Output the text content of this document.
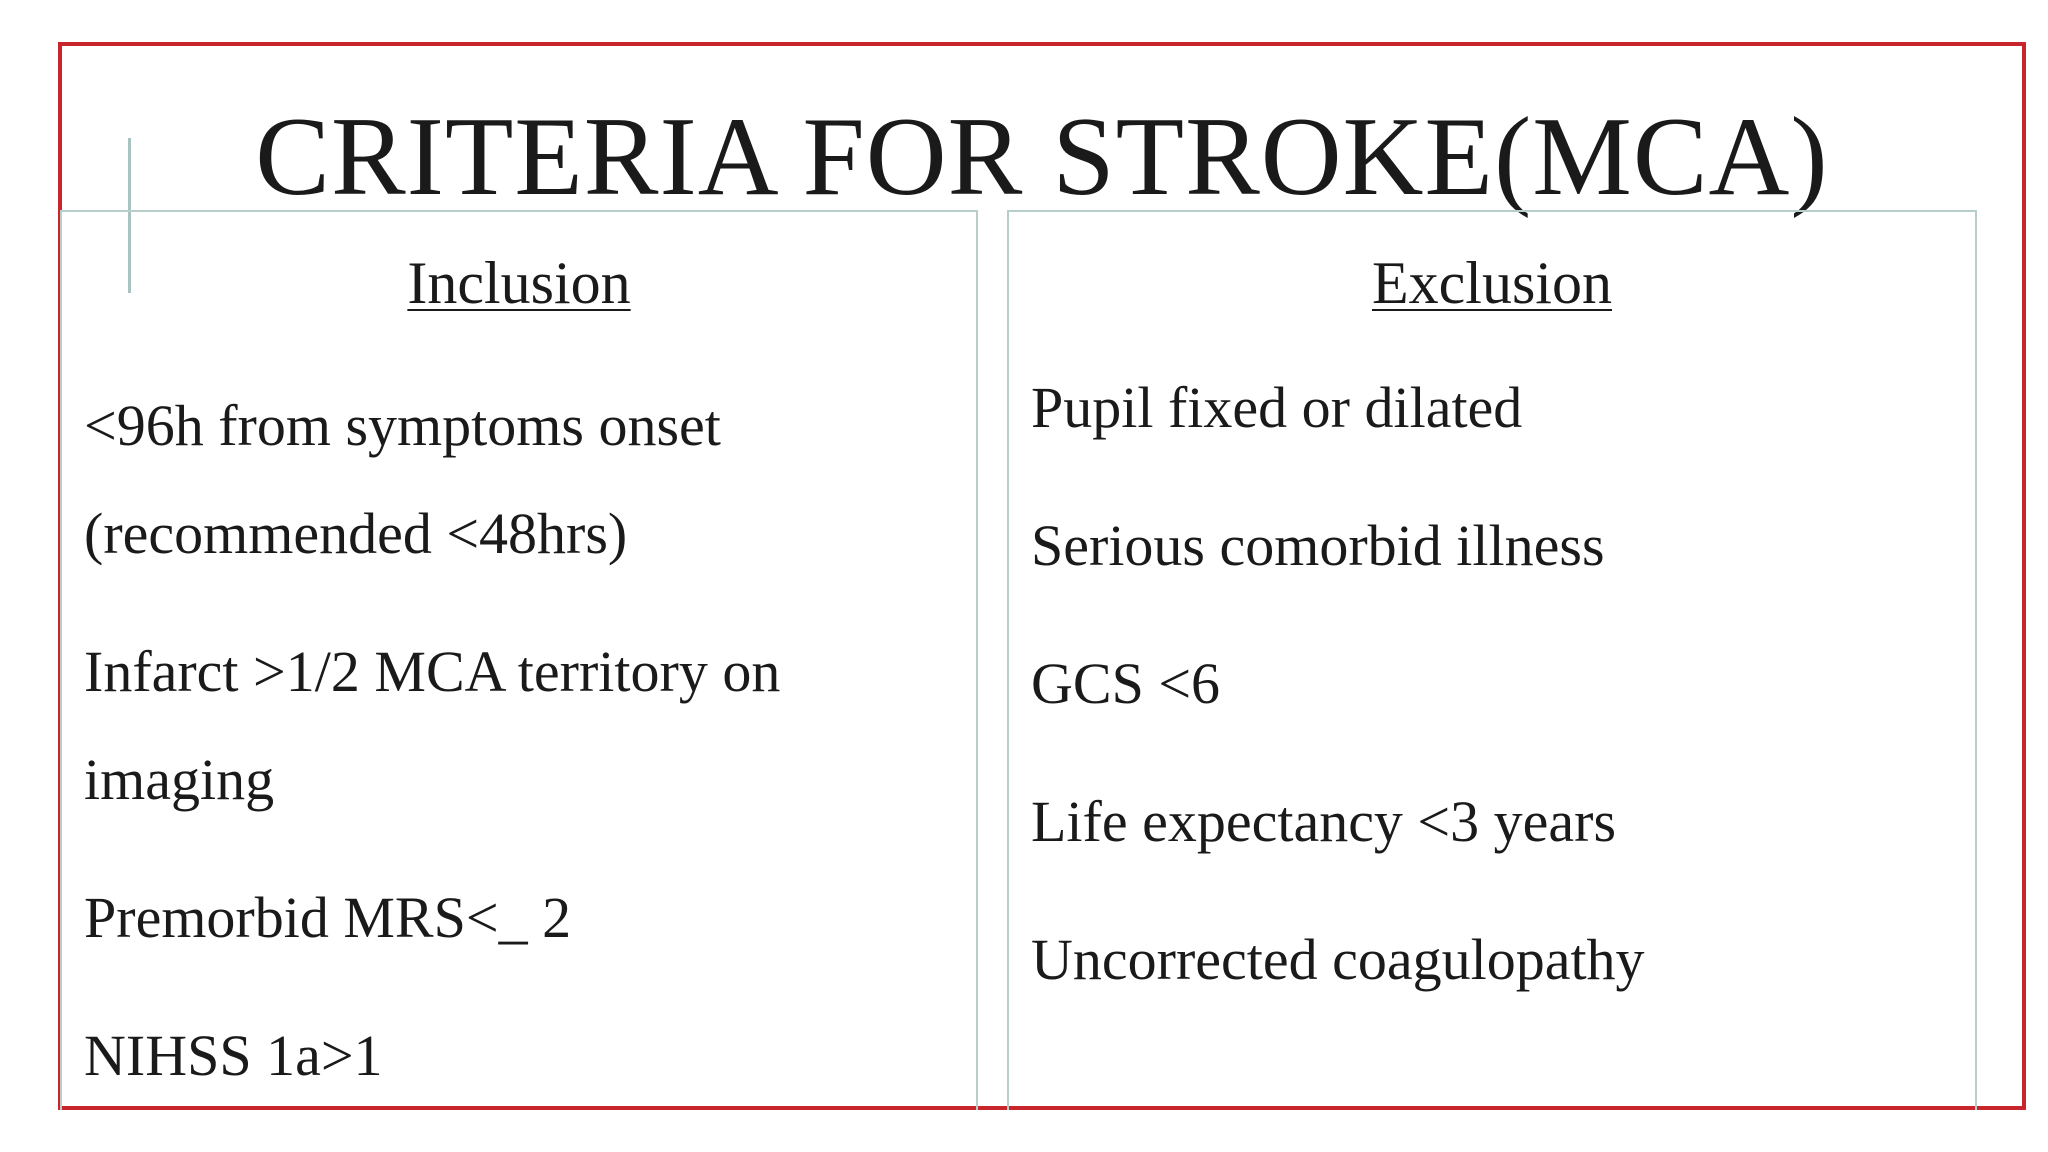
CRITERIA FOR STROKE(MCA)
Inclusion
<96h from symptoms onset (recommended <48hrs)
Infarct >1/2 MCA territory on imaging
Premorbid MRS<_ 2
NIHSS 1a>1
Exclusion
Pupil fixed or dilated
Serious comorbid illness
GCS <6
Life expectancy <3 years
Uncorrected coagulopathy
